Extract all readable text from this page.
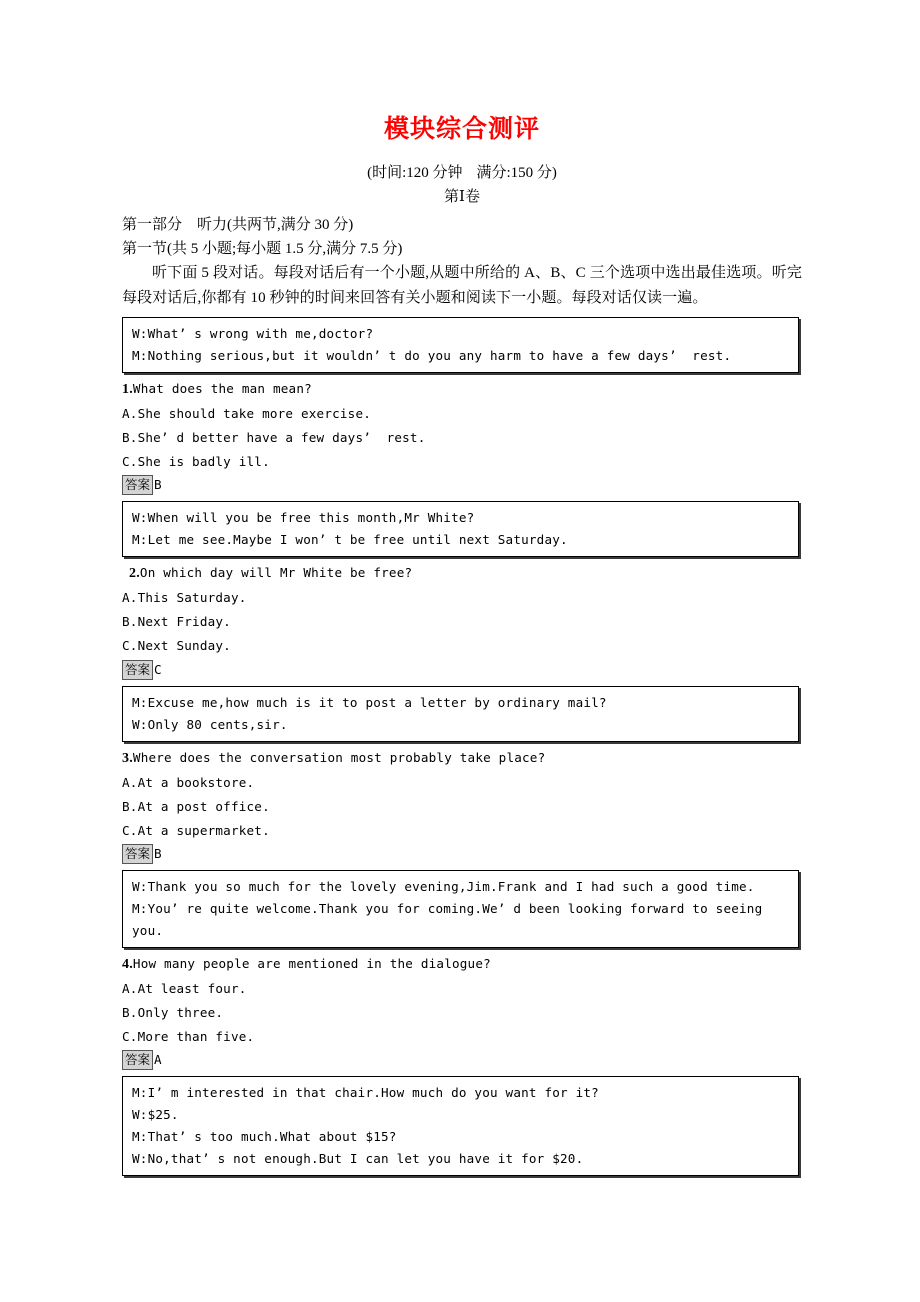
模块综合测评
(时间:120 分钟 满分:150 分)
第Ⅰ卷
第一部分　听力(共两节,满分 30 分)
第一节(共 5 小题;每小题 1.5 分,满分 7.5 分)

听下面 5 段对话。每段对话后有一个小题,从题中所给的 A、B、C 三个选项中选出最佳选项。听完每段对话后,你都有 10 秒钟的时间来回答有关小题和阅读下一小题。每段对话仅读一遍。

W:What’ s wrong with me,doctor?
M:Nothing serious,but it wouldn’ t do you any harm to have a few days’  rest.
1.What does the man mean?
A.She should take more exercise.
B.She’ d better have a few days’  rest.
C.She is badly ill.
答案 B
W:When will you be free this month,Mr White?
M:Let me see.Maybe I won’ t be free until next Saturday.
2.On which day will Mr White be free?
A.This Saturday.
B.Next Friday.
C.Next Sunday.
答案 C
M:Excuse me,how much is it to post a letter by ordinary mail?
W:Only 80 cents,sir.
3.Where does the conversation most probably take place?
A.At a bookstore.
B.At a post office.
C.At a supermarket.
答案 B
W:Thank you so much for the lovely evening,Jim.Frank and I had such a good time.
M:You’ re quite welcome.Thank you for coming.We’ d been looking forward to seeing you.
4.How many people are mentioned in the dialogue?
A.At least four.
B.Only three.
C.More than five.
答案 A
M:I’ m interested in that chair.How much do you want for it?
W:$25.
M:That’ s too much.What about $15?
W:No,that’ s not enough.But I can let you have it for $20.
